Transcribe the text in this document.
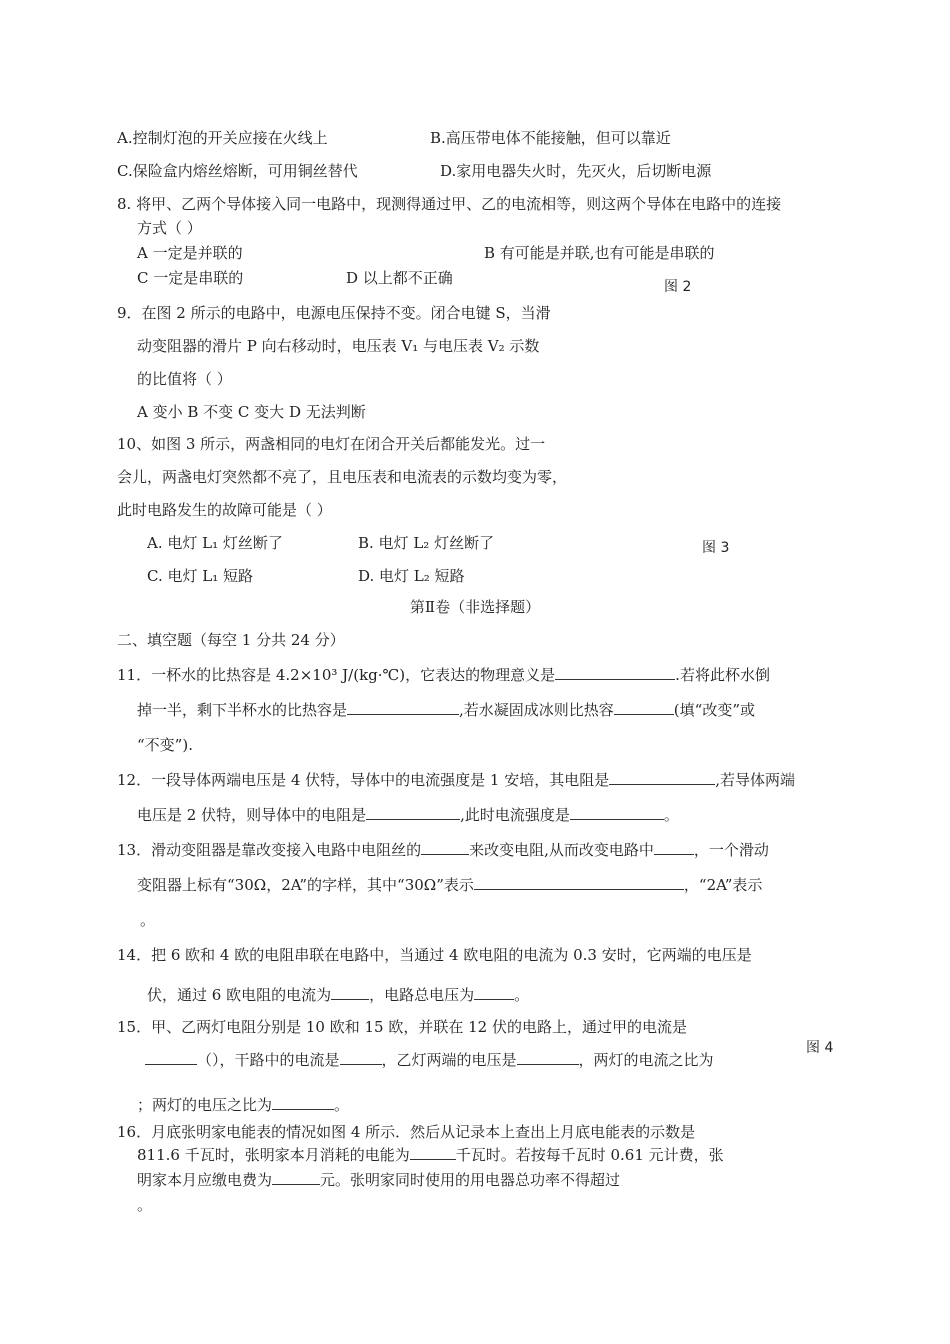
A.控制灯泡的开关应接在火线上	B.高压带电体不能接触，但可以靠近
C.保险盒内熔丝熔断，可用铜丝替代	D.家用电器失火时，先灭火，后切断电源
8. 将甲、乙两个导体接入同一电路中，现测得通过甲、乙的电流相等，则这两个导体在电路中的连接
方式（ ）
A 一定是并联的	B 有可能是并联,也有可能是串联的
C 一定是串联的	D 以上都不正确	图 2
9．在图 2 所示的电路中，电源电压保持不变。闭合电键 S，当滑
动变阻器的滑片 P 向右移动时，电压表 V₁ 与电压表 V₂ 示数
的比值将（ ）
A 变小 B 不变 C 变大 D 无法判断
10、如图 3 所示，两盏相同的电灯在闭合开关后都能发光。过一
会儿，两盏电灯突然都不亮了，且电压表和电流表的示数均变为零，
此时电路发生的故障可能是（ ）
A. 电灯 L₁ 灯丝断了	B. 电灯 L₂ 灯丝断了	图 3
C. 电灯 L₁ 短路	D. 电灯 L₂ 短路
第Ⅱ卷（非选择题）
二、填空题（每空 1 分共 24 分）
11．一杯水的比热容是 4.2×10³ J/(kg·℃)，它表达的物理意义是	.若将此杯水倒
掉一半，剩下半杯水的比热容是	,若水凝固成冰则比热容	(填“改变”或
“不变”).
12．一段导体两端电压是 4 伏特，导体中的电流强度是 1 安培，其电阻是	,若导体两端
电压是 2 伏特，则导体中的电阻是	,此时电流强度是	。
13．滑动变阻器是靠改变接入电路中电阻丝的	来改变电阻,从而改变电路中	，一个滑动
变阻器上标有“30Ω，2A”的字样，其中“30Ω”表示	，“2A”表示
。
14．把 6 欧和 4 欧的电阻串联在电路中，当通过 4 欧电阻的电流为 0.3 安时，它两端的电压是
伏，通过 6 欧电阻的电流为	，电路总电压为	。
15．甲、乙两灯电阻分别是 10 欧和 15 欧，并联在 12 伏的电路上，通过甲的电流是
图 4
（），干路中的电流是	，乙灯两端的电压是	，两灯的电流之比为
；两灯的电压之比为	。
16．月底张明家电能表的情况如图 4 所示．然后从记录本上查出上月底电能表的示数是
811.6 千瓦时，张明家本月消耗的电能为	千瓦时。若按每千瓦时 0.61 元计费，张
明家本月应缴电费为	元。张明家同时使用的用电器总功率不得超过
。
